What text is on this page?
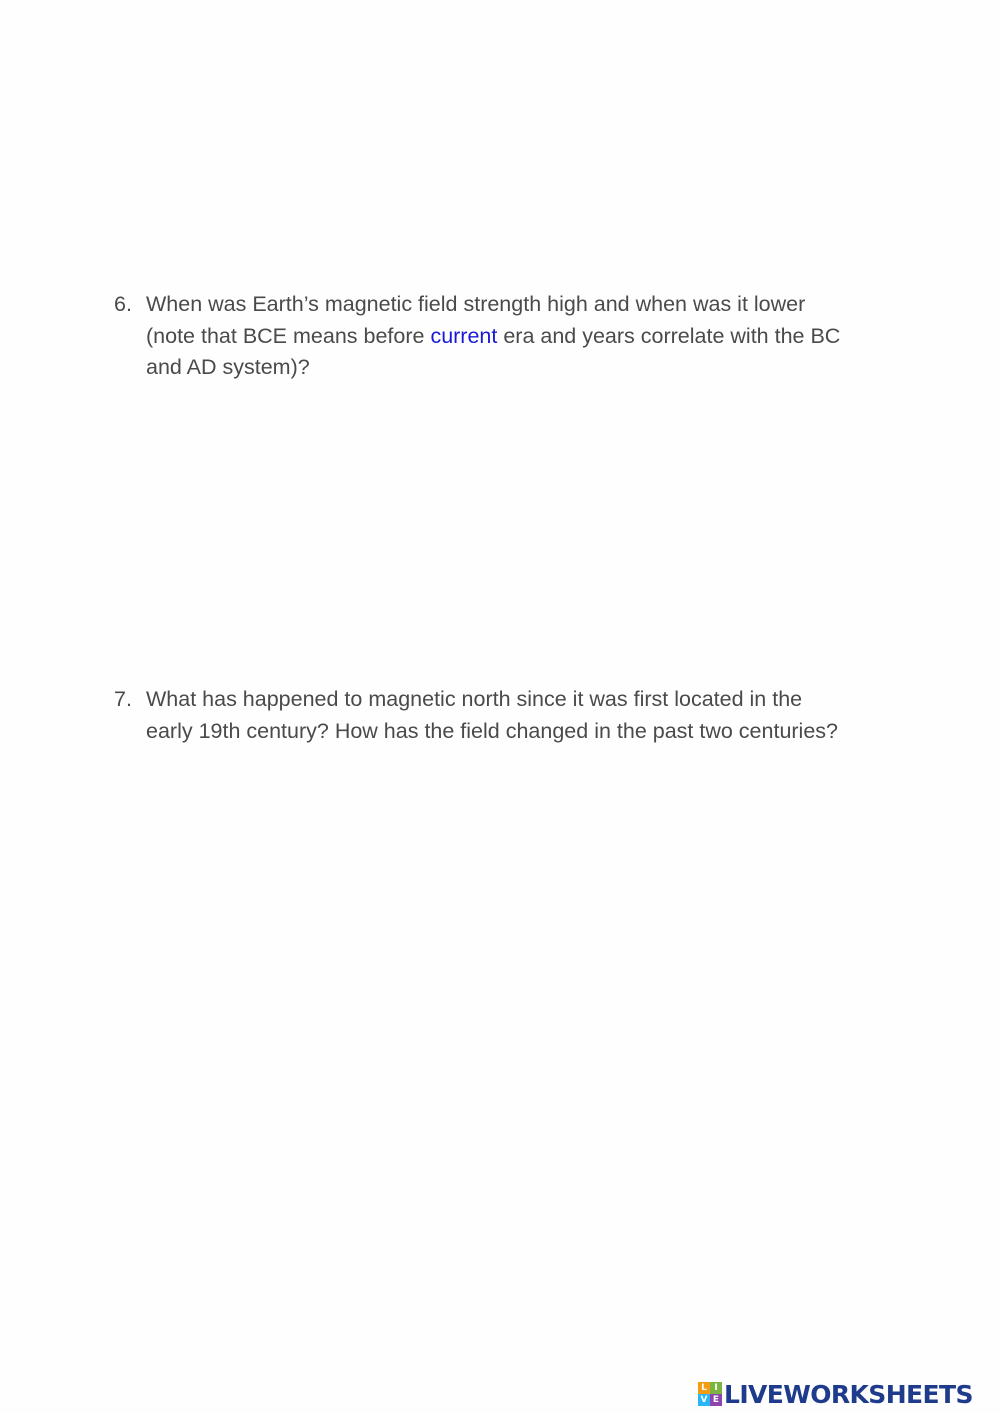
6. When was Earth’s magnetic field strength high and when was it lower
(note that BCE means before current era and years correlate with the BC
and AD system)?
7. What has happened to magnetic north since it was first located in the
early 19th century? How has the field changed in the past two centuries?
L I
V E LIVEWORKSHEETS
